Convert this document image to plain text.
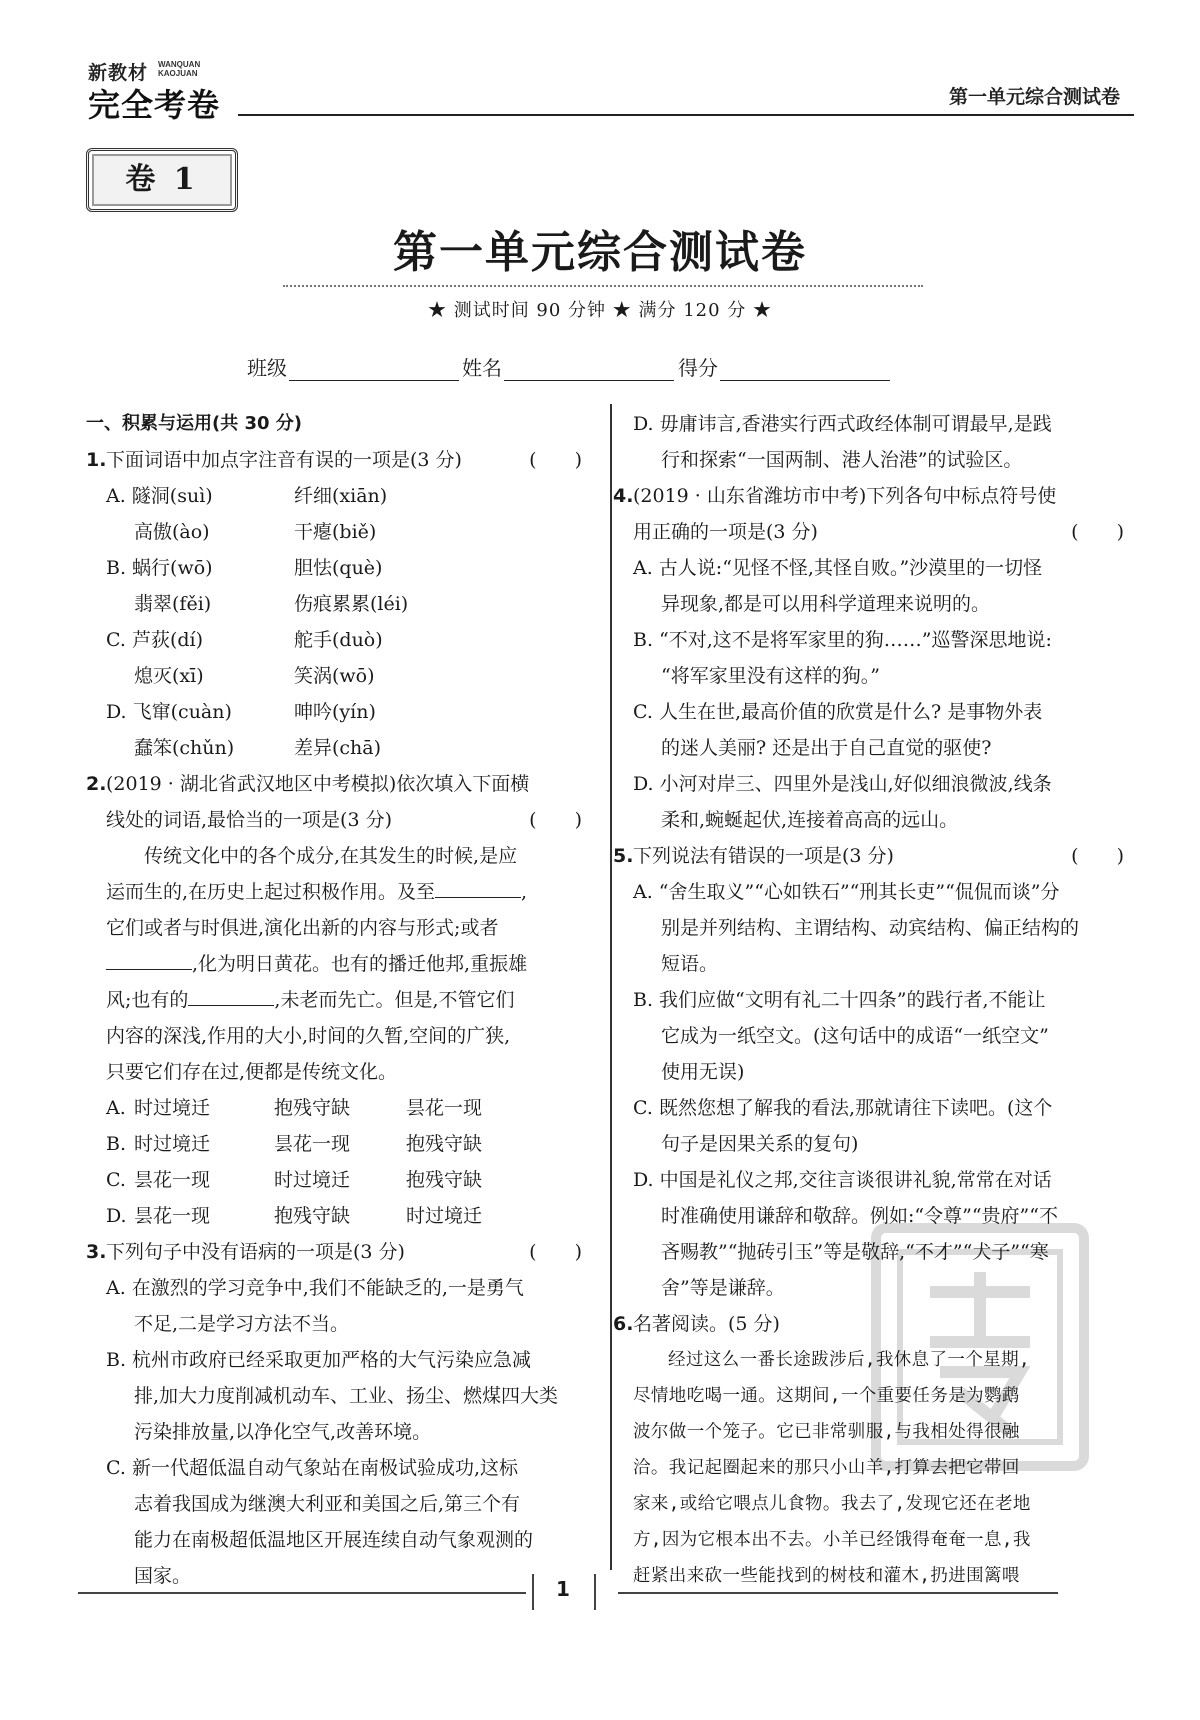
新教材 WANQUAN
KAOJUAN
完全考卷	第一单元综合测试卷
卷 1
第一单元综合测试卷
★ 测试时间 90 分钟 ★ 满分 120 分 ★
班级	姓名	得分
一、积累与运用(共 30 分)
1. 下面词语中加点字注音有误的一项是(3 分)	(　　)
A. 隧洞(suì)	纤细(xiān)
高傲(ào)	干瘪(biě)
B. 蜗行(wō)	胆怯(què)
翡翠(fěi)	伤痕累累(léi)
C. 芦荻(dí)	舵手(duò)
熄灭(xī)	笑涡(wō)
D. 飞窜(cuàn)	呻吟(yín)
蠢笨(chǔn)	差异(chā)
2. (2019 · 湖北省武汉地区中考模拟)依次填入下面横
线处的词语,最恰当的一项是(3 分)	(　　)
传统文化中的各个成分,在其发生的时候,是应
运而生的,在历史上起过积极作用。及至	,
它们或者与时俱进,演化出新的内容与形式;或者
,化为明日黄花。也有的播迁他邦,重振雄
风;也有的	,未老而先亡。但是,不管它们
内容的深浅,作用的大小,时间的久暂,空间的广狭,
只要它们存在过,便都是传统文化。
A. 时过境迁	抱残守缺	昙花一现
B. 时过境迁	昙花一现	抱残守缺
C. 昙花一现	时过境迁	抱残守缺
D. 昙花一现	抱残守缺	时过境迁
3. 下列句子中没有语病的一项是(3 分)	(　　)
A. 在激烈的学习竞争中,我们不能缺乏的,一是勇气
不足,二是学习方法不当。
B. 杭州市政府已经采取更加严格的大气污染应急减
排,加大力度削减机动车、工业、扬尘、燃煤四大类
污染排放量,以净化空气,改善环境。
C. 新一代超低温自动气象站在南极试验成功,这标
志着我国成为继澳大利亚和美国之后,第三个有
能力在南极超低温地区开展连续自动气象观测的
国家。
D. 毋庸讳言,香港实行西式政经体制可谓最早,是践
行和探索“一国两制、港人治港”的试验区。
4. (2019 · 山东省潍坊市中考)下列各句中标点符号使
用正确的一项是(3 分)	(　　)
A. 古人说:“见怪不怪,其怪自败。”沙漠里的一切怪
异现象,都是可以用科学道理来说明的。
B. “不对,这不是将军家里的狗……”巡警深思地说:
“将军家里没有这样的狗。”
C. 人生在世,最高价值的欣赏是什么? 是事物外表
的迷人美丽? 还是出于自己直觉的驱使?
D. 小河对岸三、四里外是浅山,好似细浪微波,线条
柔和,蜿蜒起伏,连接着高高的远山。
5. 下列说法有错误的一项是(3 分)	(　　)
A. “舍生取义”“心如铁石”“刑其长吏”“侃侃而谈”分
别是并列结构、主谓结构、动宾结构、偏正结构的
短语。
B. 我们应做“文明有礼二十四条”的践行者,不能让
它成为一纸空文。(这句话中的成语“一纸空文”
使用无误)
C. 既然您想了解我的看法,那就请往下读吧。(这个
句子是因果关系的复句)
D. 中国是礼仪之邦,交往言谈很讲礼貌,常常在对话
时准确使用谦辞和敬辞。例如:“令尊”“贵府”“不
吝赐教”“抛砖引玉”等是敬辞,“不才”“犬子”“寒
舍”等是谦辞。
6. 名著阅读。(5 分)
经过这么一番长途跋涉后,我休息了一个星期,
尽情地吃喝一通。这期间,一个重要任务是为鹦鹉
波尔做一个笼子。它已非常驯服,与我相处得很融
洽。我记起圈起来的那只小山羊,打算去把它带回
家来,或给它喂点儿食物。我去了,发现它还在老地
方,因为它根本出不去。小羊已经饿得奄奄一息,我
赶紧出来砍一些能找到的树枝和灌木,扔进围篱喂
1
